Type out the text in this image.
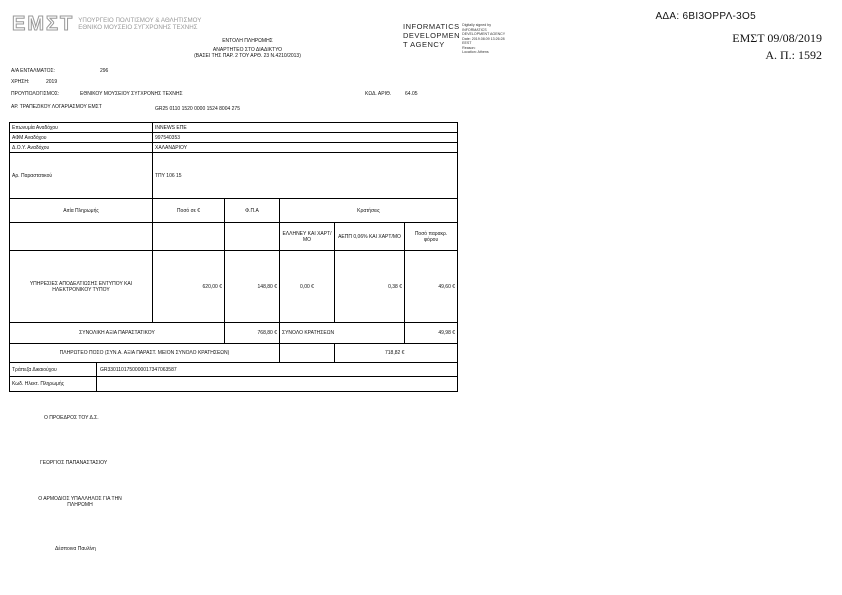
ΕΜΣΤ ΥΠΟΥΡΓΕΙΟ ΠΟΛΙΤΙΣΜΟΥ & ΑΘΛΗΤΙΣΜΟΥ
ΕΘΝΙΚΟ ΜΟΥΣΕΙΟ ΣΥΓΧΡΟΝΗΣ ΤΕΧΝΗΣ	INFORMATICS
DEVELOPMEN
T AGENCY
Digitally signed by
INFORMATICS
DEVELOPMENT AGENCY
Date: 2019.08.09 13:26:28
EEST
Reason:
Location: Athens
ΑΔΑ: 6ΒΙ3ΟΡΡΛ-3Ο5
ΕΜΣΤ 09/08/2019
Α. Π.: 1592
ΕΝΤΟΛΗ ΠΛΗΡΩΜΗΣ
ΑΝΑΡΤΗΤΕΟ ΣΤΟ ΔΙΑΔΙΚΤΥΟ
(ΒΑΣΕΙ ΤΗΣ ΠΑΡ. 2 ΤΟΥ ΑΡΘ. 23 Ν.4210/2013)
Α/Α ΕΝΤΑΛΜΑΤΟΣ:	296
ΧΡΗΣΗ:	2019
ΠΡΟΥΠΟΛΟΓΙΣΜΟΣ:	ΕΘΝΙΚΟΥ ΜΟΥΣΕΙΟΥ ΣΥΓΧΡΟΝΗΣ ΤΕΧΝΗΣ	ΚΩΔ. ΑΡΙΘ.	64.05
ΑΡ. ΤΡΑΠΕΖΙΚΟΥ ΛΟΓΑΡΙΑΣΜΟΥ ΕΜΣΤ	GR25 0110 1520 0000 1524 8004 275
Επωνυμία Αναδόχου	INNEWS ΕΠΕ				
ΑΦΜ Αναδόχου	997540353				
Δ.Ο.Υ. Αναδόχου	ΧΑΛΑΝΔΡΙΟΥ				
Αρ. Παραστατικού	ΤΠΥ 106 15				
Αιτία Πληρωμής	Ποσό σε €	Φ.Π.Α	Κρατήσεις		
			ΕΛΛΗΝΕΥ ΚΑΙ ΧΑΡΤ/ΜΟ	ΑΕΠΠ 0,06% ΚΑΙ ΧΑΡΤ/ΜΟ	Ποσό παρακρ. φόρου
ΥΠΗΡΕΣΙΕΣ ΑΠΟΔΕΛΤΙΩΣΗΣ ΕΝΤΥΠΟΥ ΚΑΙ ΗΛΕΚΤΡΟΝΙΚΟΥ ΤΥΠΟΥ	620,00 €	148,80 €	0,00 €	0,38 €	49,60 €
ΣΥΝΟΛΙΚΗ ΑΞΙΑ ΠΑΡΑΣΤΑΤΙΚΟΥ		768,80 €	ΣΥΝΟΛΟ ΚΡΑΤΗΣΕΩΝ		49,98 €
ΠΛΗΡΩΤΕΟ ΠΟΣΟ (ΣΥΝ.Α. ΑΞΙΑ ΠΑΡΑΣΤ. ΜΕΙΟΝ ΣΥΝΟΛΟ ΚΡΑΤΗΣΕΩΝ)				718,82 €	

Τράπεζα Δικαιούχου GR3301101750000017347063587					

Κωδ. Ηλεκτ. Πληρωμής					
Ο ΠΡΟΕΔΡΟΣ ΤΟΥ Δ.Σ.
ΓΕΩΡΓΙΟΣ ΠΑΠΑΝΑΣΤΑΣΙΟΥ
Ο ΑΡΜΟΔΙΟΣ ΥΠΑΛΛΗΛΟΣ ΓΙΑ ΤΗΝ
ΠΛΗΡΩΜΗ
Δέσποινα Παυλίνη
